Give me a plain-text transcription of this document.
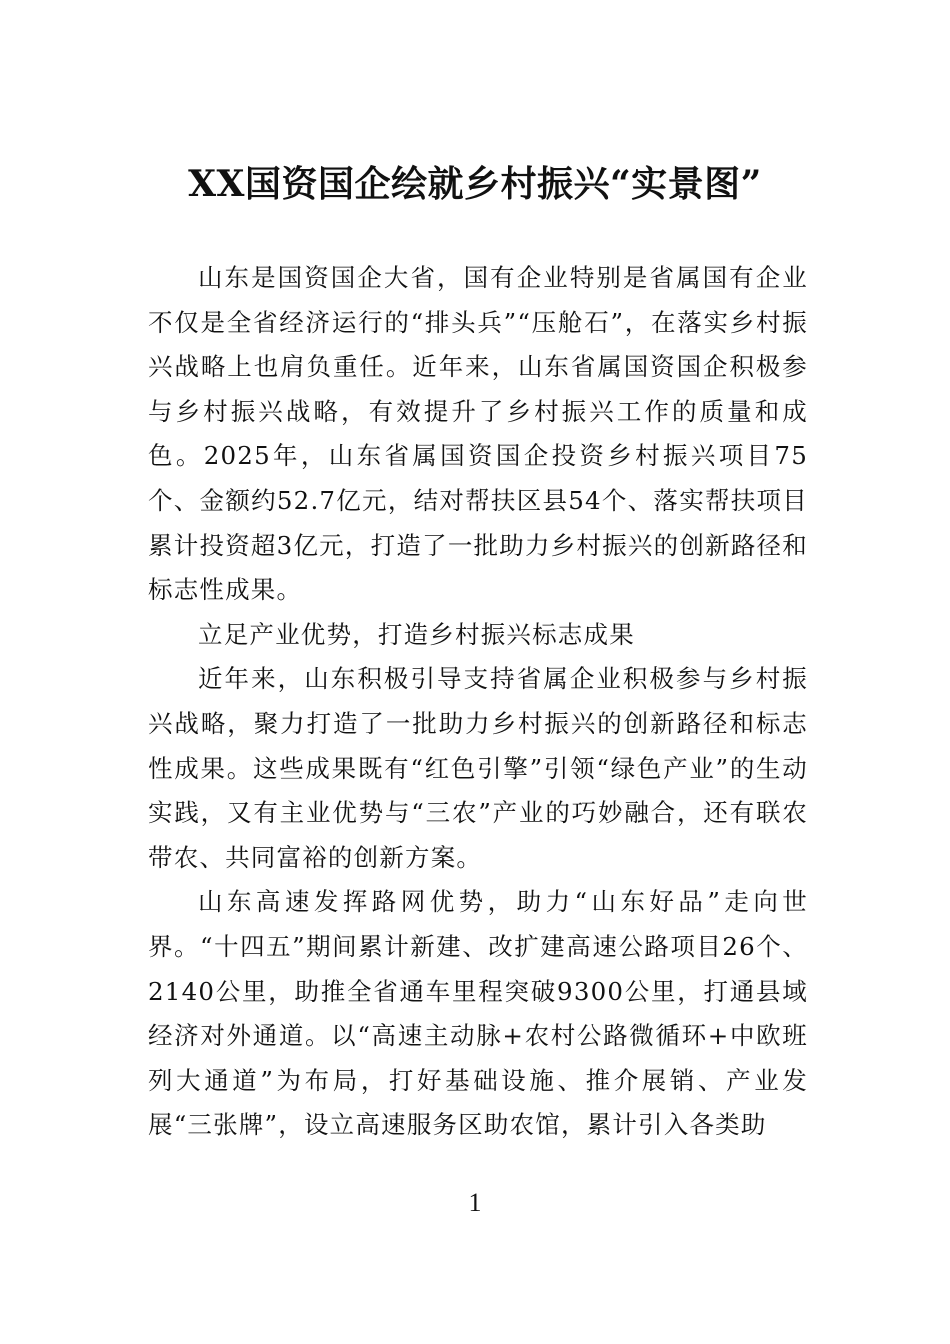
XX国资国企绘就乡村振兴“实景图”

山东是国资国企大省，国有企业特别是省属国有企业不仅是全省经济运行的“排头兵”“压舱石”，在落实乡村振兴战略上也肩负重任。近年来，山东省属国资国企积极参与乡村振兴战略，有效提升了乡村振兴工作的质量和成色。2025年，山东省属国资国企投资乡村振兴项目75个、金额约52.7亿元，结对帮扶区县54个、落实帮扶项目累计投资超3亿元，打造了一批助力乡村振兴的创新路径和标志性成果。

立足产业优势，打造乡村振兴标志成果

近年来，山东积极引导支持省属企业积极参与乡村振兴战略，聚力打造了一批助力乡村振兴的创新路径和标志性成果。这些成果既有“红色引擎”引领“绿色产业”的生动实践，又有主业优势与“三农”产业的巧妙融合，还有联农带农、共同富裕的创新方案。

山东高速发挥路网优势，助力“山东好品”走向世界。“十四五”期间累计新建、改扩建高速公路项目26个、2140公里，助推全省通车里程突破9300公里，打通县域经济对外通道。以“高速主动脉+农村公路微循环+中欧班列大通道”为布局，打好基础设施、推介展销、产业发展“三张牌”，设立高速服务区助农馆，累计引入各类助

1
